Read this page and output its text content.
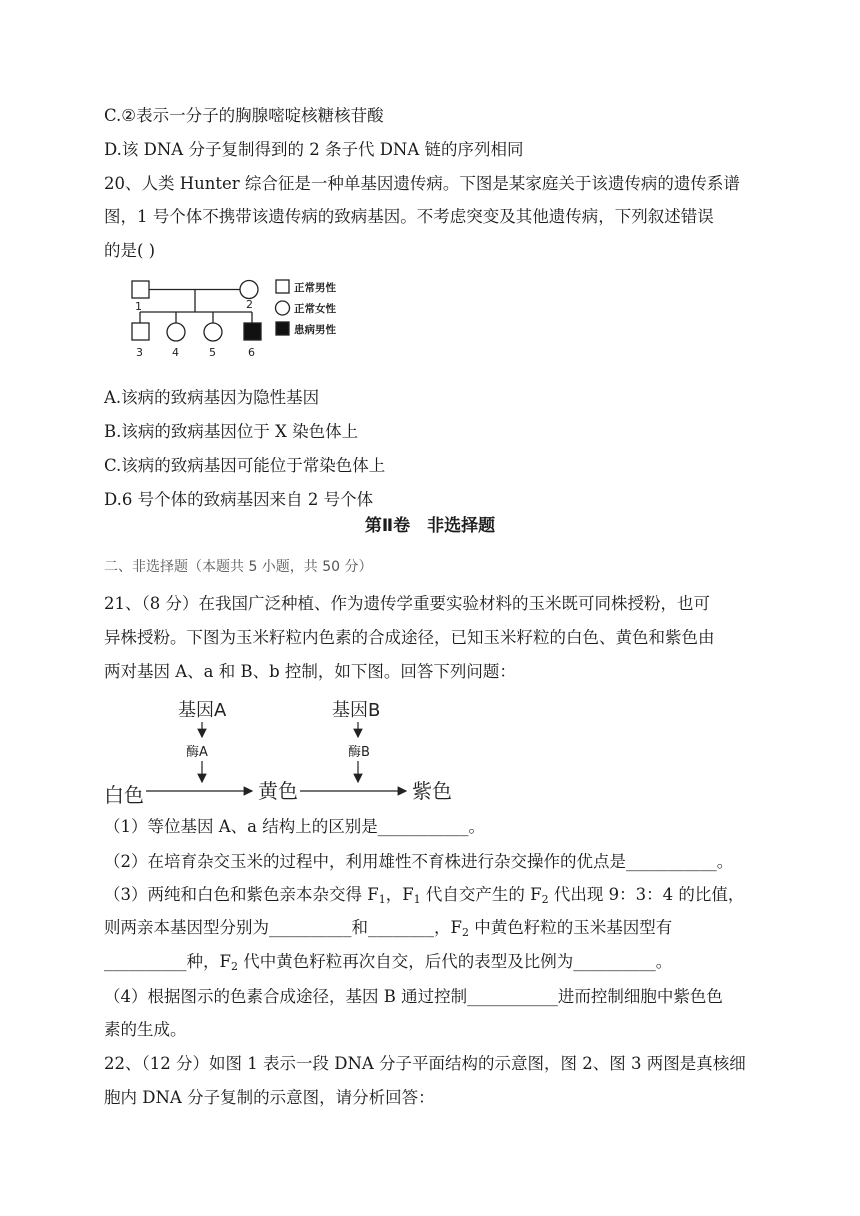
C.②表示一分子的胸腺嘧啶核糖核苷酸
D.该 DNA 分子复制得到的 2 条子代 DNA 链的序列相同
20、人类 Hunter 综合征是一种单基因遗传病。下图是某家庭关于该遗传病的遗传系谱
图，1 号个体不携带该遗传病的致病基因。不考虑突变及其他遗传病，下列叙述错误
的是( )
1	2
3	4	5	6
正常男性
正常女性
患病男性
A.该病的致病基因为隐性基因
B.该病的致病基因位于 X 染色体上
C.该病的致病基因可能位于常染色体上
D.6 号个体的致病基因来自 2 号个体
第Ⅱ卷　非选择题
二、非选择题（本题共 5 小题，共 50 分）
21、（8 分）在我国广泛种植、作为遗传学重要实验材料的玉米既可同株授粉，也可
异株授粉。下图为玉米籽粒内色素的合成途径，已知玉米籽粒的白色、黄色和紫色由
两对基因 A、a 和 B、b 控制，如下图。回答下列问题：
基因A	基因B
酶A	酶B
白色	黄色	紫色
（1）等位基因 A、a 结构上的区别是___________。
（2）在培育杂交玉米的过程中，利用雄性不育株进行杂交操作的优点是___________。
（3）两纯和白色和紫色亲本杂交得 $F_1$，$F_1$ 代自交产生的 $F_2$ 代出现 9：3：4 的比值，
则两亲本基因型分别为__________和________，$F_2$ 中黄色籽粒的玉米基因型有
__________种，$F_2$ 代中黄色籽粒再次自交，后代的表型及比例为__________。
（4）根据图示的色素合成途径，基因 B 通过控制___________进而控制细胞中紫色色
素的生成。
22、（12 分）如图 1 表示一段 DNA 分子平面结构的示意图，图 2、图 3 两图是真核细
胞内 DNA 分子复制的示意图，请分析回答：
